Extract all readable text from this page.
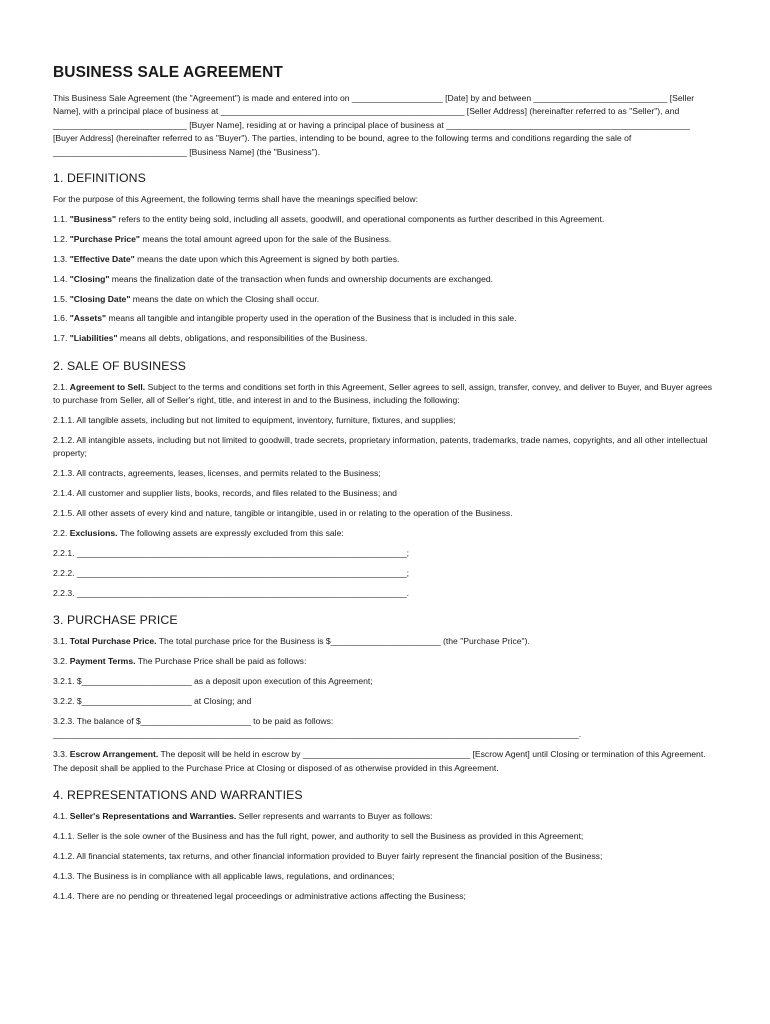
BUSINESS SALE AGREEMENT

This Business Sale Agreement (the "Agreement") is made and entered into on ___________________ [Date] by and between ____________________________ [Seller Name], with a principal place of business at ___________________________________________________ [Seller Address] (hereinafter referred to as "Seller"), and ____________________________ [Buyer Name], residing at or having a principal place of business at ___________________________________________________ [Buyer Address] (hereinafter referred to as "Buyer"). The parties, intending to be bound, agree to the following terms and conditions regarding the sale of ____________________________ [Business Name] (the "Business").

1. DEFINITIONS

For the purpose of this Agreement, the following terms shall have the meanings specified below:

1.1. "Business" refers to the entity being sold, including all assets, goodwill, and operational components as further described in this Agreement.

1.2. "Purchase Price" means the total amount agreed upon for the sale of the Business.

1.3. "Effective Date" means the date upon which this Agreement is signed by both parties.

1.4. "Closing" means the finalization date of the transaction when funds and ownership documents are exchanged.

1.5. "Closing Date" means the date on which the Closing shall occur.

1.6. "Assets" means all tangible and intangible property used in the operation of the Business that is included in this sale.

1.7. "Liabilities" means all debts, obligations, and responsibilities of the Business.

2. SALE OF BUSINESS

2.1. Agreement to Sell. Subject to the terms and conditions set forth in this Agreement, Seller agrees to sell, assign, transfer, convey, and deliver to Buyer, and Buyer agrees to purchase from Seller, all of Seller's right, title, and interest in and to the Business, including the following:

2.1.1. All tangible assets, including but not limited to equipment, inventory, furniture, fixtures, and supplies;

2.1.2. All intangible assets, including but not limited to goodwill, trade secrets, proprietary information, patents, trademarks, trade names, copyrights, and all other intellectual property;

2.1.3. All contracts, agreements, leases, licenses, and permits related to the Business;

2.1.4. All customer and supplier lists, books, records, and files related to the Business; and

2.1.5. All other assets of every kind and nature, tangible or intangible, used in or relating to the operation of the Business.

2.2. Exclusions. The following assets are expressly excluded from this sale:

2.2.1. _____________________________________________________________________;

2.2.2. _____________________________________________________________________;

2.2.3. _____________________________________________________________________.

3. PURCHASE PRICE

3.1. Total Purchase Price. The total purchase price for the Business is $_______________________ (the "Purchase Price").

3.2. Payment Terms. The Purchase Price shall be paid as follows:

3.2.1. $_______________________ as a deposit upon execution of this Agreement;

3.2.2. $_______________________ at Closing; and

3.2.3. The balance of $_______________________ to be paid as follows: ______________________________________________________________________________________________________________.

3.3. Escrow Arrangement. The deposit will be held in escrow by ___________________________________ [Escrow Agent] until Closing or termination of this Agreement. The deposit shall be applied to the Purchase Price at Closing or disposed of as otherwise provided in this Agreement.

4. REPRESENTATIONS AND WARRANTIES

4.1. Seller's Representations and Warranties. Seller represents and warrants to Buyer as follows:

4.1.1. Seller is the sole owner of the Business and has the full right, power, and authority to sell the Business as provided in this Agreement;

4.1.2. All financial statements, tax returns, and other financial information provided to Buyer fairly represent the financial position of the Business;

4.1.3. The Business is in compliance with all applicable laws, regulations, and ordinances;

4.1.4. There are no pending or threatened legal proceedings or administrative actions affecting the Business;
